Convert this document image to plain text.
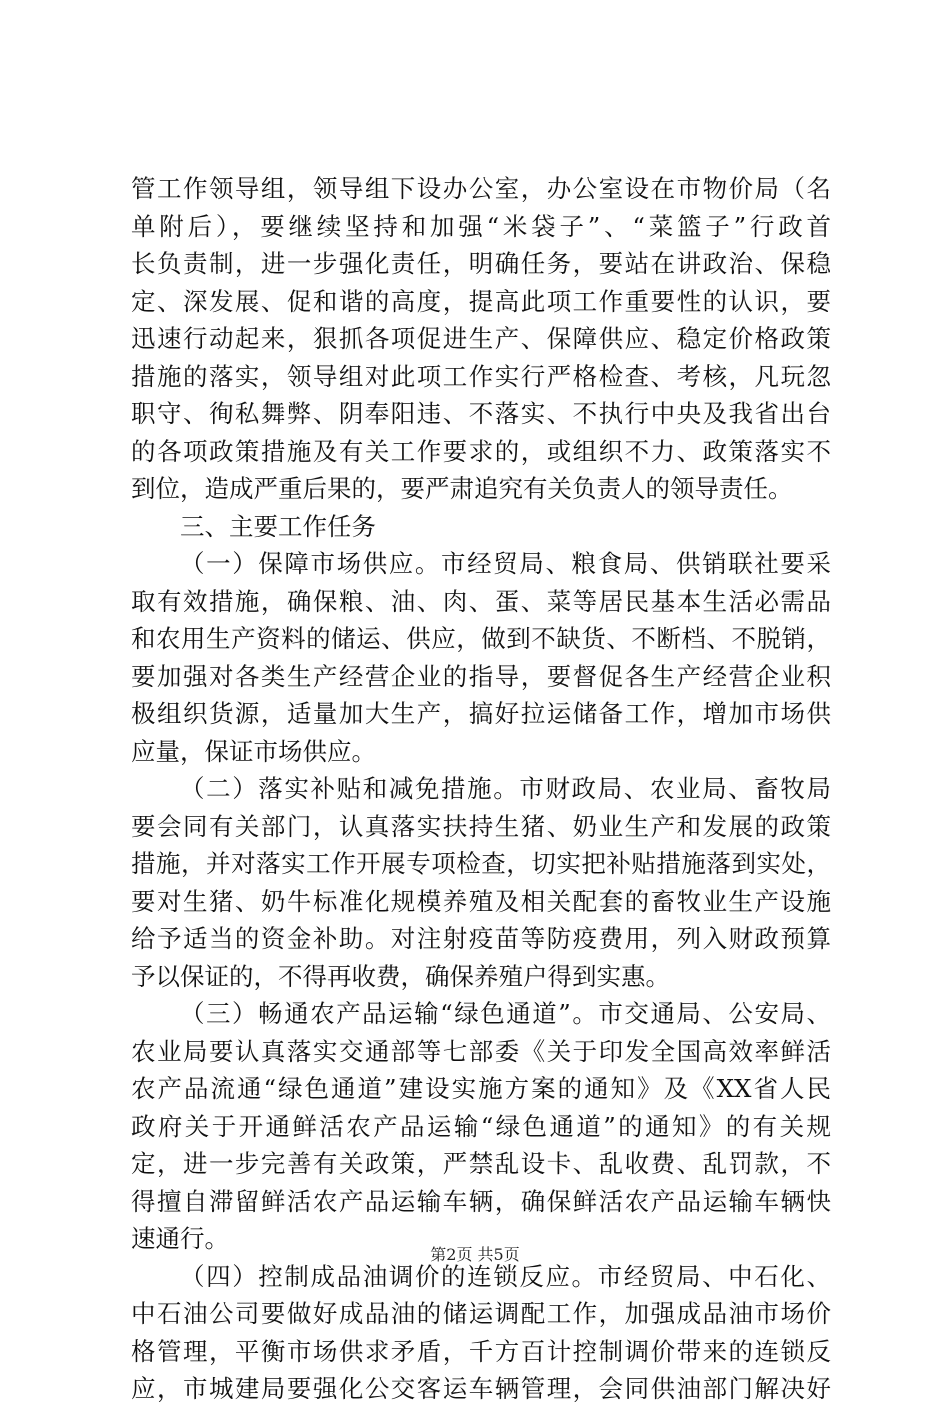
管工作领导组，领导组下设办公室，办公室设在市物价局（名
单附后），要继续坚持和加强“米袋子”、“菜篮子”行政首
长负责制，进一步强化责任，明确任务，要站在讲政治、保稳
定、深发展、促和谐的高度，提高此项工作重要性的认识，要
迅速行动起来，狠抓各项促进生产、保障供应、稳定价格政策
措施的落实，领导组对此项工作实行严格检查、考核，凡玩忽
职守、徇私舞弊、阴奉阳违、不落实、不执行中央及我省出台
的各项政策措施及有关工作要求的，或组织不力、政策落实不
到位，造成严重后果的，要严肃追究有关负责人的领导责任。
三、主要工作任务
（一）保障市场供应。市经贸局、粮食局、供销联社要采
取有效措施，确保粮、油、肉、蛋、菜等居民基本生活必需品
和农用生产资料的储运、供应，做到不缺货、不断档、不脱销，
要加强对各类生产经营企业的指导，要督促各生产经营企业积
极组织货源，适量加大生产，搞好拉运储备工作，增加市场供
应量，保证市场供应。
（二）落实补贴和减免措施。市财政局、农业局、畜牧局
要会同有关部门，认真落实扶持生猪、奶业生产和发展的政策
措施，并对落实工作开展专项检查，切实把补贴措施落到实处，
要对生猪、奶牛标准化规模养殖及相关配套的畜牧业生产设施
给予适当的资金补助。对注射疫苗等防疫费用，列入财政预算
予以保证的，不得再收费，确保养殖户得到实惠。
（三）畅通农产品运输“绿色通道”。市交通局、公安局、
农业局要认真落实交通部等七部委《关于印发全国高效率鲜活
农产品流通“绿色通道”建设实施方案的通知》及《XX省人民
政府关于开通鲜活农产品运输“绿色通道”的通知》的有关规
定，进一步完善有关政策，严禁乱设卡、乱收费、乱罚款，不
得擅自滞留鲜活农产品运输车辆，确保鲜活农产品运输车辆快
速通行。
（四）控制成品油调价的连锁反应。市经贸局、中石化、
中石油公司要做好成品油的储运调配工作，加强成品油市场价
格管理，平衡市场供求矛盾，千方百计控制调价带来的连锁反
应，市城建局要强化公交客运车辆管理，会同供油部门解决好
第2页 共5页
